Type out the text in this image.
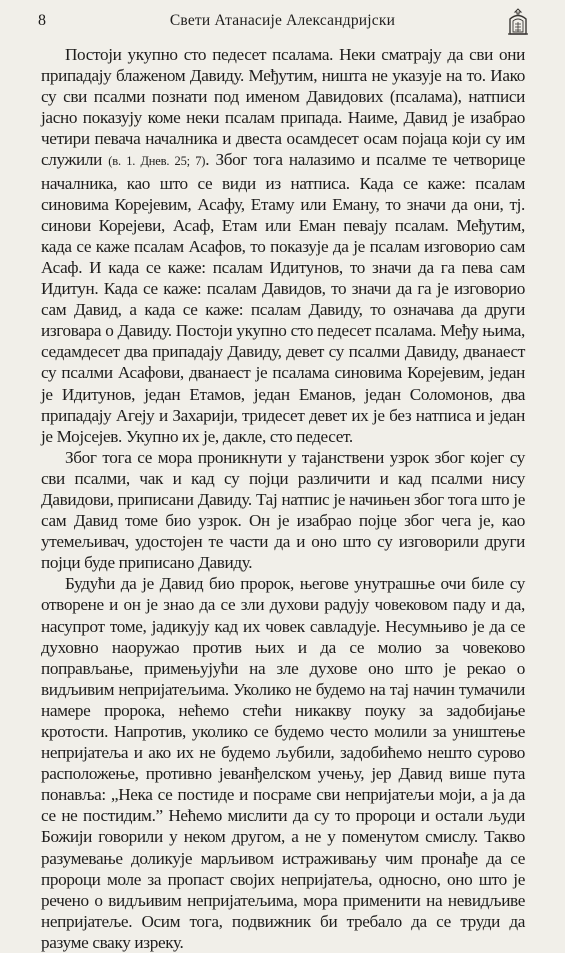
8	Свети Атанасије Александријски

Постоји укупно сто педесет псалама. Неки сматрају да сви они припадају блаженом Давиду. Међутим, ништа не указује на то. Иако су сви псалми познати под именом Давидових (псалама), натписи јасно показују коме неки псалам припада. Наиме, Давид је изабрао четири певача началника и двеста осамдесет осам појаца који су им служили (в. 1. Днев. 25; 7). Због тога налазимо и псалме те четворице началника, као што се види из натписа. Када се каже: псалам синовима Корејевим, Асафу, Етаму или Еману, то значи да они, тј. синови Корејеви, Асаф, Етам или Еман певају псалам. Међутим, када се каже псалам Асафов, то показује да је псалам изговорио сам Асаф. И када се каже: псалам Идитунов, то значи да га пева сам Идитун. Када се каже: псалам Давидов, то значи да га је изговорио сам Давид, а када се каже: псалам Давиду, то означава да други изговара о Давиду. Постоји укупно сто педесет псалама. Међу њима, седамдесет два припадају Давиду, девет су псалми Давиду, дванаест су псалми Асафови, дванаест је псалама синовима Корејевим, један је Идитунов, један Етамов, један Еманов, један Соломонов, два припадају Агеју и Захарији, тридесет девет их је без натписа и један је Мојсејев. Укупно их је, дакле, сто педесет.

Због тога се мора проникнути у тајанствени узрок због којег су сви псалми, чак и кад су појци различити и кад псалми нису Давидови, приписани Давиду. Тај натпис је начињен због тога што је сам Давид томе био узрок. Он је изабрао појце због чега је, као утемељивач, удостојен те части да и оно што су изговорили други појци буде приписано Давиду.

Будући да је Давид био пророк, његове унутрашње очи биле су отворене и он је знао да се зли духови радују човековом паду и да, насупрот томе, јадикују кад их човек савладује. Несумњиво је да се духовно наоружао против њих и да се молио за човеково поправљање, примењујући на зле духове оно што је рекао о видљивим непријатељима. Уколико не будемо на тај начин тумачили намере пророка, нећемо стећи никакву поуку за задобијање кротости. Напротив, уколико се будемо често молили за уништење непријатеља и ако их не будемо љубили, задобићемо нешто сурово расположење, противно јеванђелском учењу, јер Давид више пута понавља: „Нека се постиде и посраме сви непријатељи моји, а ја да се не постидим.” Нећемо мислити да су то пророци и остали људи Божији говорили у неком другом, а не у поменутом смислу. Такво разумевање доликује марљивом истраживању чим пронађе да се пророци моле за пропаст својих непријатеља, односно, оно што је речено о видљивим непријатељима, мора применити на невидљиве непријатеље. Осим тога, подвижник би требало да се труди да разуме сваку изреку.
